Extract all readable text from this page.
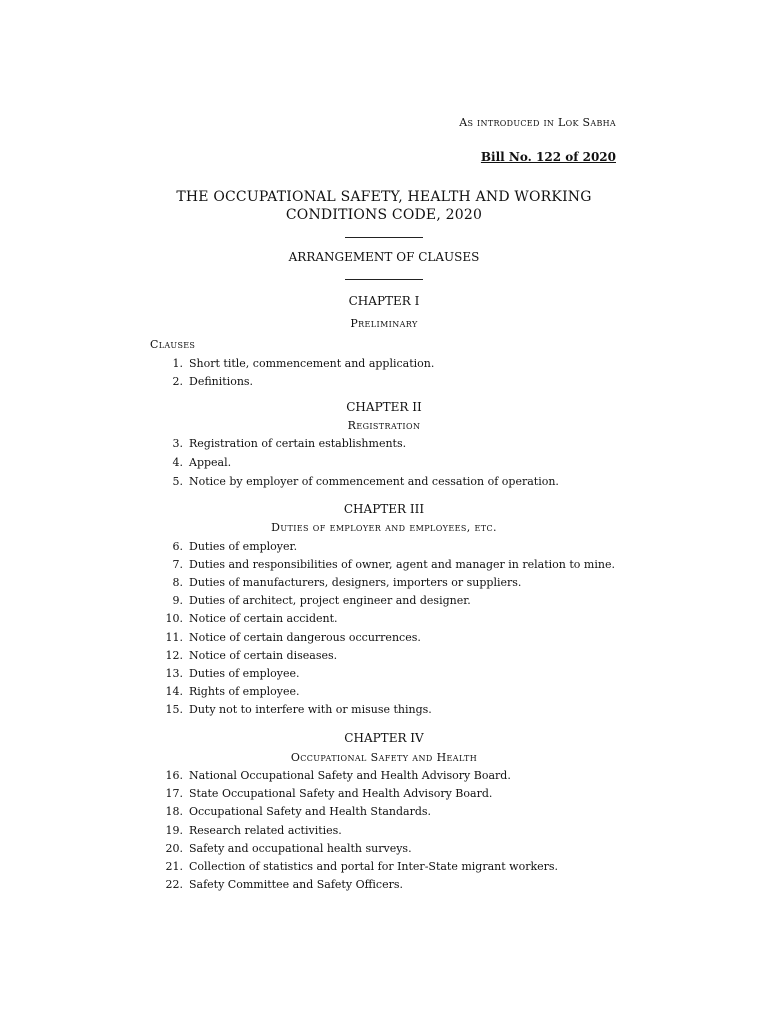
As introduced in Lok Sabha
Bill No. 122 of 2020
THE OCCUPATIONAL SAFETY, HEALTH AND WORKING
CONDITIONS CODE, 2020
ARRANGEMENT OF CLAUSES
CHAPTER I
Preliminary
Clauses
1. Short title, commencement and application.
2. Definitions.
CHAPTER II
Registration
3. Registration of certain establishments.
4. Appeal.
5. Notice by employer of commencement and cessation of operation.
CHAPTER III
Duties of employer and employees, etc.
6. Duties of employer.
7. Duties and responsibilities of owner, agent and manager in relation to mine.
8. Duties of manufacturers, designers, importers or suppliers.
9. Duties of architect, project engineer and designer.
10. Notice of certain accident.
11. Notice of certain dangerous occurrences.
12. Notice of certain diseases.
13. Duties of employee.
14. Rights of employee.
15. Duty not to interfere with or misuse things.
CHAPTER IV
Occupational Safety and Health
16. National Occupational Safety and Health Advisory Board.
17. State Occupational Safety and Health Advisory Board.
18. Occupational Safety and Health Standards.
19. Research related activities.
20. Safety and occupational health surveys.
21. Collection of statistics and portal for Inter-State migrant workers.
22. Safety Committee and Safety Officers.
